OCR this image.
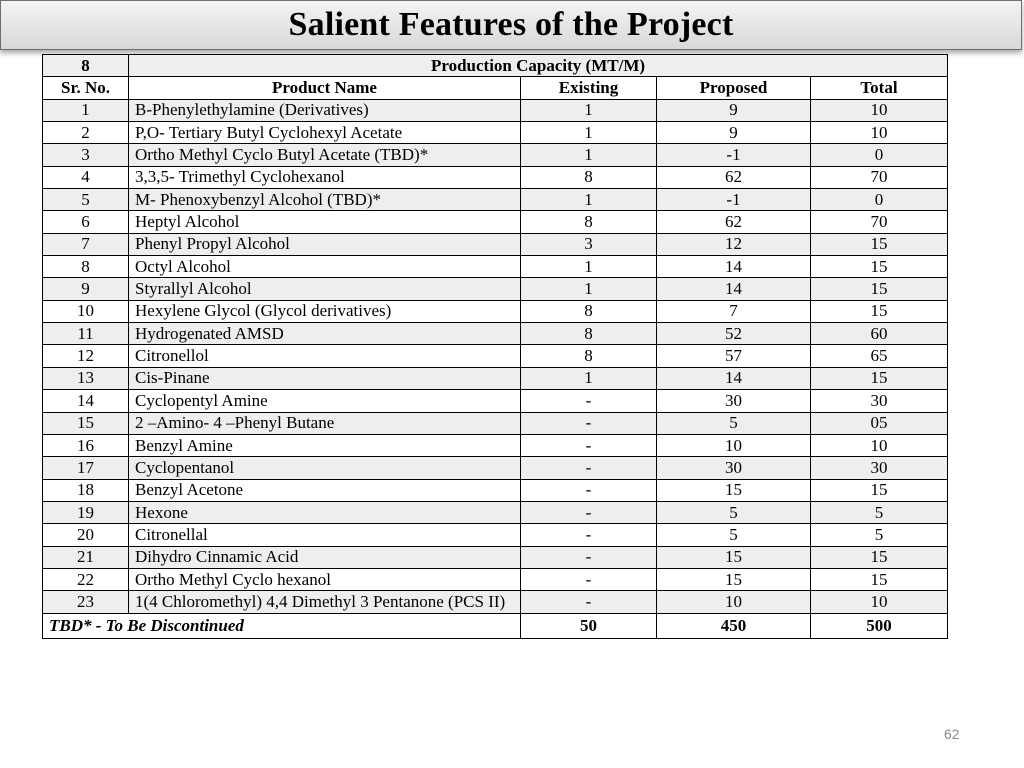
Salient Features of the Project
8	Production Capacity (MT/M)			
Sr. No.	Product Name	Existing	Proposed	Total
1	B-Phenylethylamine (Derivatives)	1	9	10
2	P,O- Tertiary Butyl Cyclohexyl Acetate	1	9	10
3	Ortho Methyl Cyclo Butyl Acetate (TBD)*	1	-1	0
4	3,3,5- Trimethyl Cyclohexanol	8	62	70
5	M- Phenoxybenzyl Alcohol (TBD)*	1	-1	0
6	Heptyl Alcohol	8	62	70
7	Phenyl Propyl Alcohol	3	12	15
8	Octyl Alcohol	1	14	15
9	Styrallyl Alcohol	1	14	15
10	Hexylene Glycol (Glycol derivatives)	8	7	15
11	Hydrogenated AMSD	8	52	60
12	Citronellol	8	57	65
13	Cis-Pinane	1	14	15
14	Cyclopentyl Amine	-	30	30
15	2 –Amino- 4 –Phenyl Butane	-	5	05
16	Benzyl Amine	-	10	10
17	Cyclopentanol	-	30	30
18	Benzyl Acetone	-	15	15
19	Hexone	-	5	5
20	Citronellal	-	5	5
21	Dihydro Cinnamic Acid	-	15	15
22	Ortho Methyl Cyclo hexanol	-	15	15
23	1(4 Chloromethyl) 4,4 Dimethyl 3 Pentanone (PCS II)	-	10	10
TBD* - To Be Discontinued		50	450	500
62
